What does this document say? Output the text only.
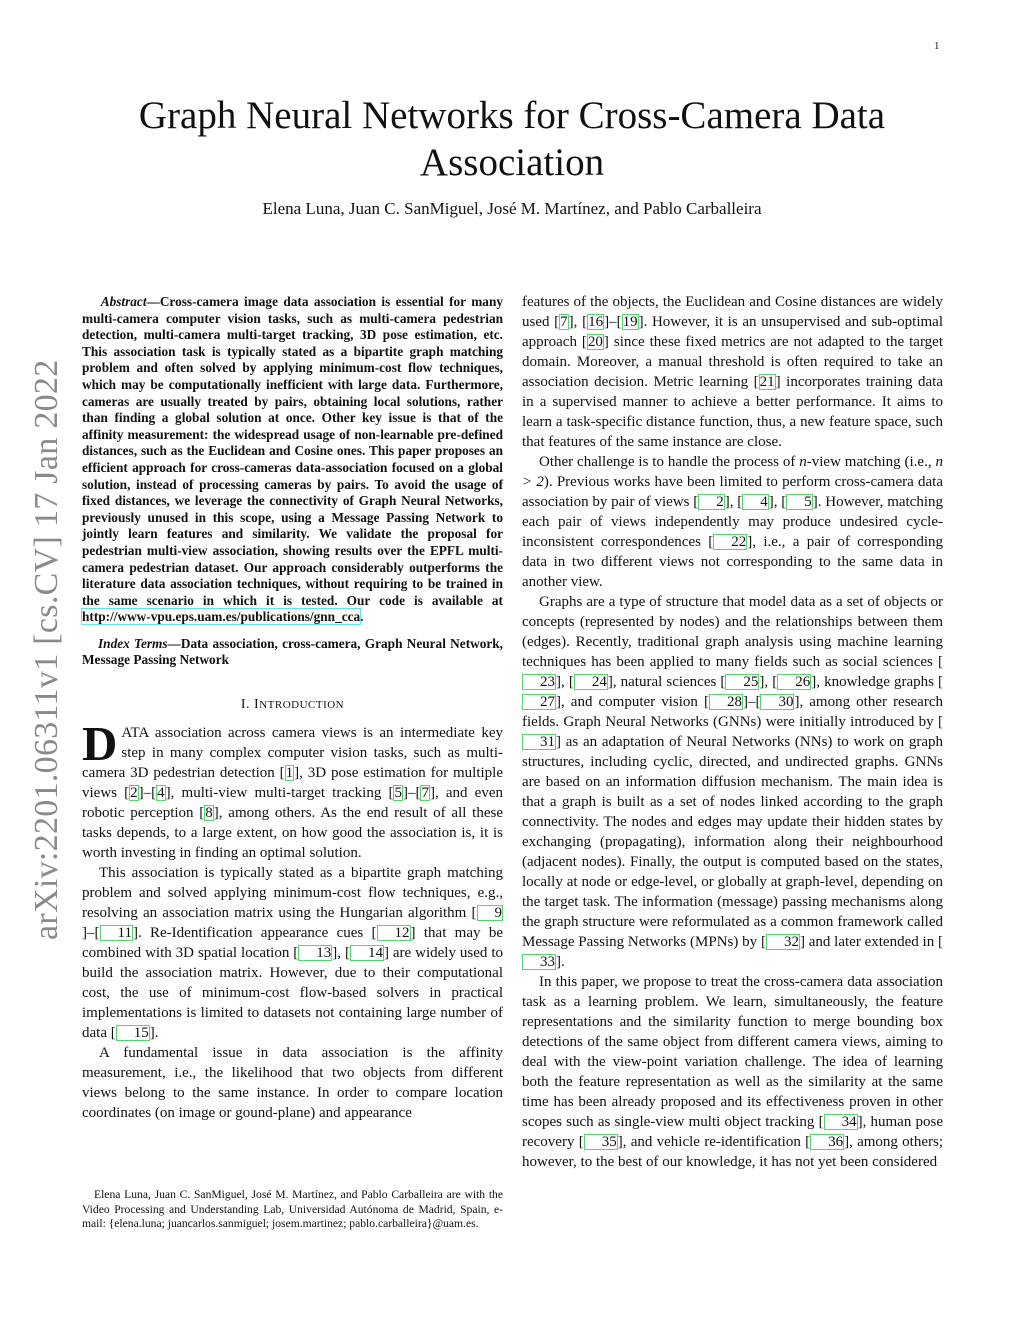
1
arXiv:2201.06311v1 [cs.CV] 17 Jan 2022
Graph Neural Networks for Cross-Camera Data Association
Elena Luna, Juan C. SanMiguel, José M. Martínez, and Pablo Carballeira

  Abstract—Cross-camera image data association is essential for many multi-camera computer vision tasks, such as multi-camera pedestrian detection, multi-camera multi-target tracking, 3D pose estimation, etc. This association task is typically stated as a bipartite graph matching problem and often solved by applying minimum-cost flow techniques, which may be computationally inefficient with large data. Furthermore, cameras are usually treated by pairs, obtaining local solutions, rather than finding a global solution at once. Other key issue is that of the affinity measurement: the widespread usage of non-learnable pre-defined distances, such as the Euclidean and Cosine ones. This paper proposes an efficient approach for cross-cameras data-association focused on a global solution, instead of processing cameras by pairs. To avoid the usage of fixed distances, we leverage the connectivity of Graph Neural Networks, previously unused in this scope, using a Message Passing Network to jointly learn features and similarity. We validate the proposal for pedestrian multi-view association, showing results over the EPFL multi-camera pedestrian dataset. Our approach considerably outperforms the literature data association techniques, without requiring to be trained in the same scenario in which it is tested. Our code is available at http://www-vpu.eps.uam.es/publications/gnn_cca.

Index Terms—Data association, cross-camera, Graph Neural Network, Message Passing Network

I. INTRODUCTION

DATA association across camera views is an intermediate key step in many complex computer vision tasks, such as multi-camera 3D pedestrian detection [1], 3D pose estimation for multiple views [2]–[4], multi-view multi-target tracking [5]–[7], and even robotic perception [8], among others. As the end result of all these tasks depends, to a large extent, on how good the association is, it is worth investing in finding an optimal solution.

This association is typically stated as a bipartite graph matching problem and solved applying minimum-cost flow techniques, e.g., resolving an association matrix using the Hungarian algorithm [ 9]–[ 11]. Re-Identification appearance cues [ 12] that may be combined with 3D spatial location [ 13], [ 14] are widely used to build the association matrix. However, due to their computational cost, the use of minimum-cost flow-based solvers in practical implementations is limited to datasets not containing large number of data [ 15].

A fundamental issue in data association is the affinity measurement, i.e., the likelihood that two objects from different views belong to the same instance. In order to compare location coordinates (on image or gound-plane) and appearance

Elena Luna, Juan C. SanMiguel, José M. Martínez, and Pablo Carballeira are with the Video Processing and Understanding Lab, Universidad Autónoma de Madrid, Spain, e-mail: {elena.luna; juancarlos.sanmiguel; josem.martinez; pablo.carballeira}@uam.es.

features of the objects, the Euclidean and Cosine distances are widely used [7], [16]–[19]. However, it is an unsupervised and sub-optimal approach [20] since these fixed metrics are not adapted to the target domain. Moreover, a manual threshold is often required to take an association decision. Metric learning [21] incorporates training data in a supervised manner to achieve a better performance. It aims to learn a task-specific distance function, thus, a new feature space, such that features of the same instance are close.

Other challenge is to handle the process of n-view matching (i.e., n > 2). Previous works have been limited to perform cross-camera data association by pair of views [ 2], [ 4], [ 5]. However, matching each pair of views independently may produce undesired cycle-inconsistent correspondences [ 22], i.e., a pair of corresponding data in two different views not corresponding to the same data in another view.

Graphs are a type of structure that model data as a set of objects or concepts (represented by nodes) and the relationships between them (edges). Recently, traditional graph analysis using machine learning techniques has been applied to many fields such as social sciences [23], [ 24], natural sciences [ 25], [ 26], knowledge graphs [27], and computer vision [ 28]–[ 30], among other research fields. Graph Neural Networks (GNNs) were initially introduced by [31] as an adaptation of Neural Networks (NNs) to work on graph structures, including cyclic, directed, and undirected graphs. GNNs are based on an information diffusion mechanism. The main idea is that a graph is built as a set of nodes linked according to the graph connectivity. The nodes and edges may update their hidden states by exchanging (propagating), information along their neighbourhood (adjacent nodes). Finally, the output is computed based on the states, locally at node or edge-level, or globally at graph-level, depending on the target task. The information (message) passing mechanisms along the graph structure were reformulated as a common framework called Message Passing Networks (MPNs) by [ 32] and later extended in [33].

In this paper, we propose to treat the cross-camera data association task as a learning problem. We learn, simultaneously, the feature representations and the similarity function to merge bounding box detections of the same object from different camera views, aiming to deal with the view-point variation challenge. The idea of learning both the feature representation as well as the similarity at the same time has been already proposed and its effectiveness proven in other scopes such as single-view multi object tracking [ 34], human pose recovery [ 35], and vehicle re-identification [ 36], among others; however, to the best of our knowledge, it has not yet been considered
